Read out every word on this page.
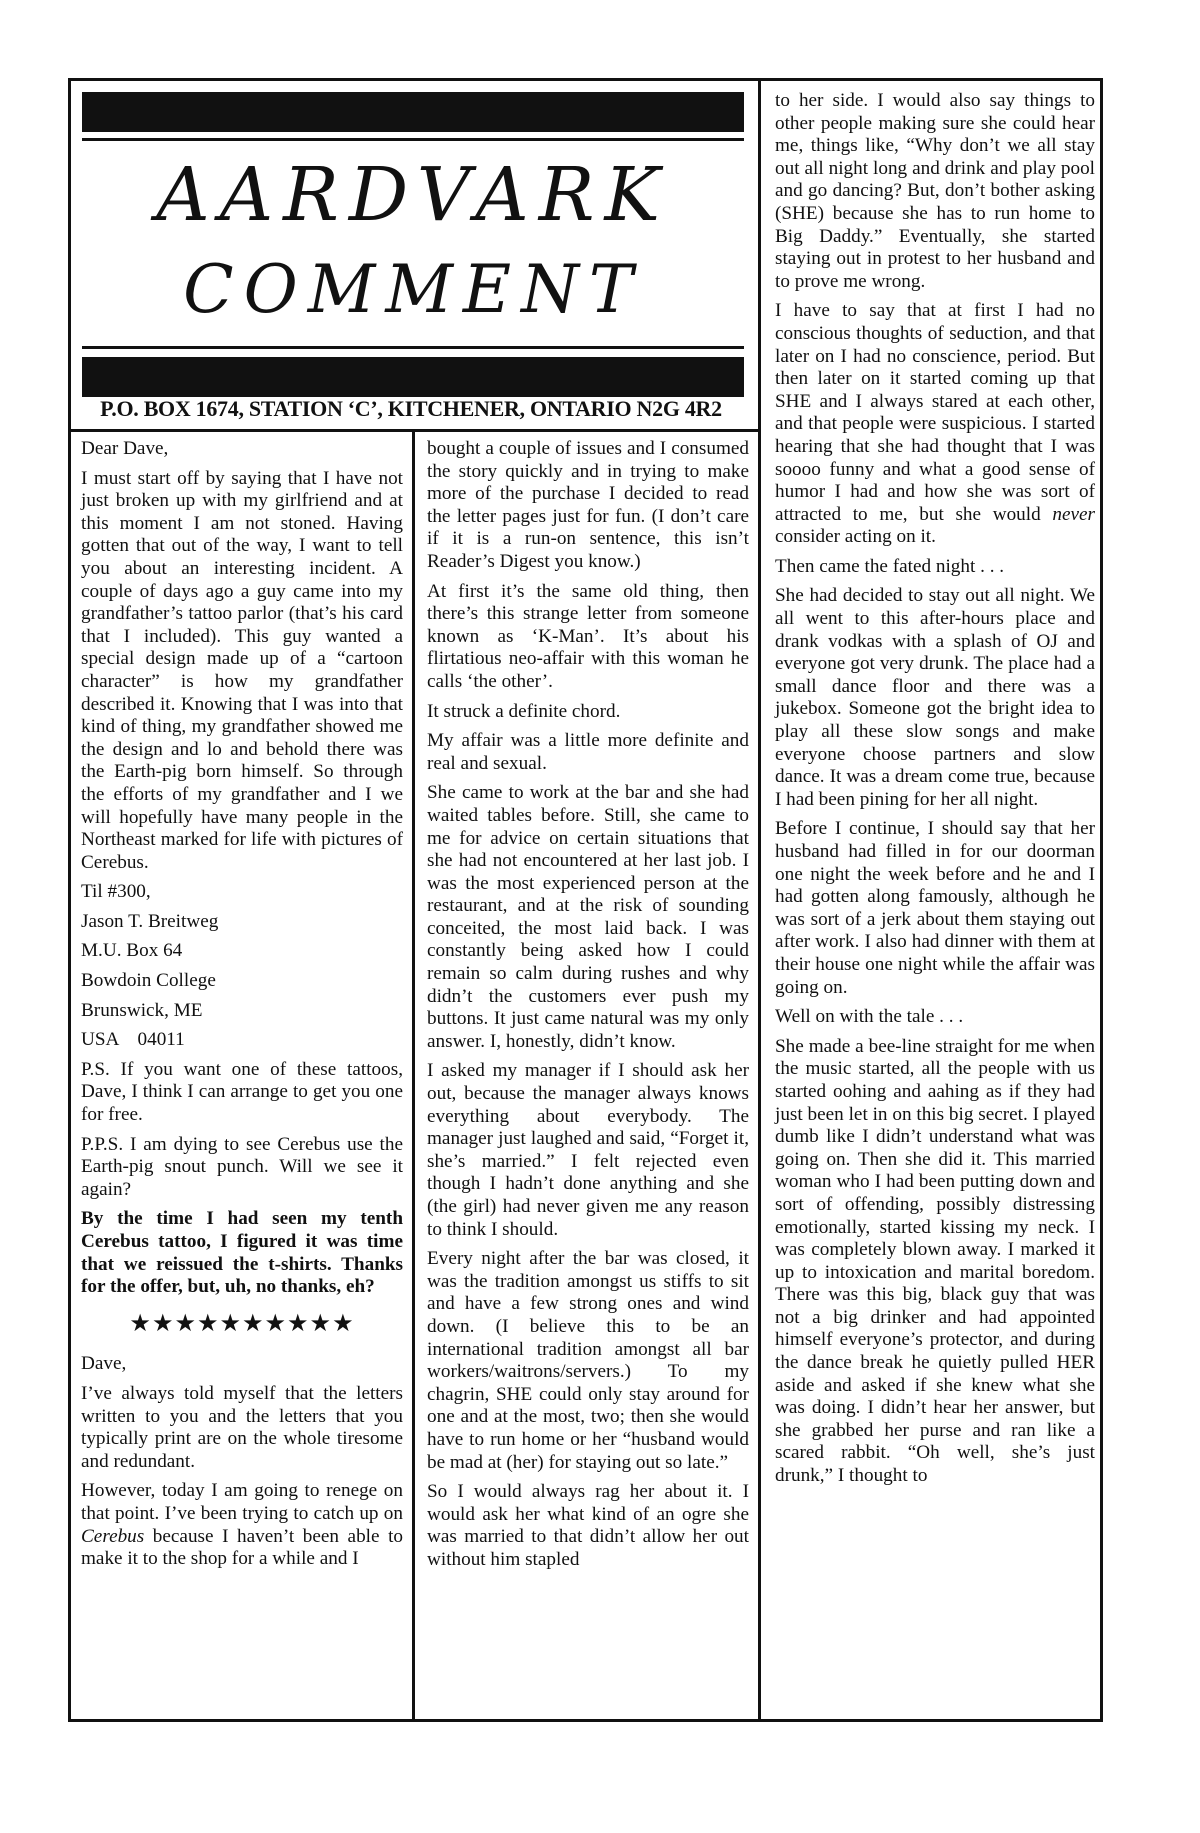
AARDVARK
COMMENT
P.O. BOX 1674, STATION ‘C’, KITCHENER, ONTARIO N2G 4R2

Dear Dave,

I must start off by saying that I have not just broken up with my girlfriend and at this moment I am not stoned. Having gotten that out of the way, I want to tell you about an interesting incident. A couple of days ago a guy came into my grandfather’s tattoo parlor (that’s his card that I included). This guy wanted a special design made up of a “cartoon character” is how my grandfather described it. Knowing that I was into that kind of thing, my grandfather showed me the design and lo and behold there was the Earth-pig born himself. So through the efforts of my grandfather and I we will hopefully have many people in the Northeast marked for life with pictures of Cerebus.

Til #300,

Jason T. Breitweg

M.U. Box 64

Bowdoin College

Brunswick, ME

USA    04011

P.S. If you want one of these tattoos, Dave, I think I can arrange to get you one for free.

P.P.S. I am dying to see Cerebus use the Earth-pig snout punch. Will we see it again?

By the time I had seen my tenth Cerebus tattoo, I figured it was time that we reissued the t-shirts. Thanks for the offer, but, uh, no thanks, eh?

★★★★★★★★★★

Dave,

I’ve always told myself that the letters written to you and the letters that you typically print are on the whole tiresome and redundant.

However, today I am going to renege on that point. I’ve been trying to catch up on Cerebus because I haven’t been able to make it to the shop for a while and I

bought a couple of issues and I consumed the story quickly and in trying to make more of the purchase I decided to read the letter pages just for fun. (I don’t care if it is a run-on sentence, this isn’t Reader’s Digest you know.)

At first it’s the same old thing, then there’s this strange letter from someone known as ‘K-Man’. It’s about his flirtatious neo-affair with this woman he calls ‘the other’.

It struck a definite chord.

My affair was a little more definite and real and sexual.

She came to work at the bar and she had waited tables before. Still, she came to me for advice on certain situations that she had not encountered at her last job. I was the most experienced person at the restaurant, and at the risk of sounding conceited, the most laid back. I was constantly being asked how I could remain so calm during rushes and why didn’t the customers ever push my buttons. It just came natural was my only answer. I, honestly, didn’t know.

I asked my manager if I should ask her out, because the manager always knows everything about everybody. The manager just laughed and said, “Forget it, she’s married.” I felt rejected even though I hadn’t done anything and she (the girl) had never given me any reason to think I should.

Every night after the bar was closed, it was the tradition amongst us stiffs to sit and have a few strong ones and wind down. (I believe this to be an international tradition amongst all bar workers/waitrons/servers.) To my chagrin, SHE could only stay around for one and at the most, two; then she would have to run home or her “husband would be mad at (her) for staying out so late.”

So I would always rag her about it. I would ask her what kind of an ogre she was married to that didn’t allow her out without him stapled

to her side. I would also say things to other people making sure she could hear me, things like, “Why don’t we all stay out all night long and drink and play pool and go dancing? But, don’t bother asking (SHE) because she has to run home to Big Daddy.” Eventually, she started staying out in protest to her husband and to prove me wrong.

I have to say that at first I had no conscious thoughts of seduction, and that later on I had no conscience, period. But then later on it started coming up that SHE and I always stared at each other, and that people were suspicious. I started hearing that she had thought that I was soooo funny and what a good sense of humor I had and how she was sort of attracted to me, but she would never consider acting on it.

Then came the fated night . . .

She had decided to stay out all night. We all went to this after-hours place and drank vodkas with a splash of OJ and everyone got very drunk. The place had a small dance floor and there was a jukebox. Someone got the bright idea to play all these slow songs and make everyone choose partners and slow dance. It was a dream come true, because I had been pining for her all night.

Before I continue, I should say that her husband had filled in for our doorman one night the week before and he and I had gotten along famously, although he was sort of a jerk about them staying out after work. I also had dinner with them at their house one night while the affair was going on.

Well on with the tale . . .

She made a bee-line straight for me when the music started, all the people with us started oohing and aahing as if they had just been let in on this big secret. I played dumb like I didn’t understand what was going on. Then she did it. This married woman who I had been putting down and sort of offending, possibly distressing emotionally, started kissing my neck. I was completely blown away. I marked it up to intoxication and marital boredom. There was this big, black guy that was not a big drinker and had appointed himself everyone’s protector, and during the dance break he quietly pulled HER aside and asked if she knew what she was doing. I didn’t hear her answer, but she grabbed her purse and ran like a scared rabbit. “Oh well, she’s just drunk,” I thought to
